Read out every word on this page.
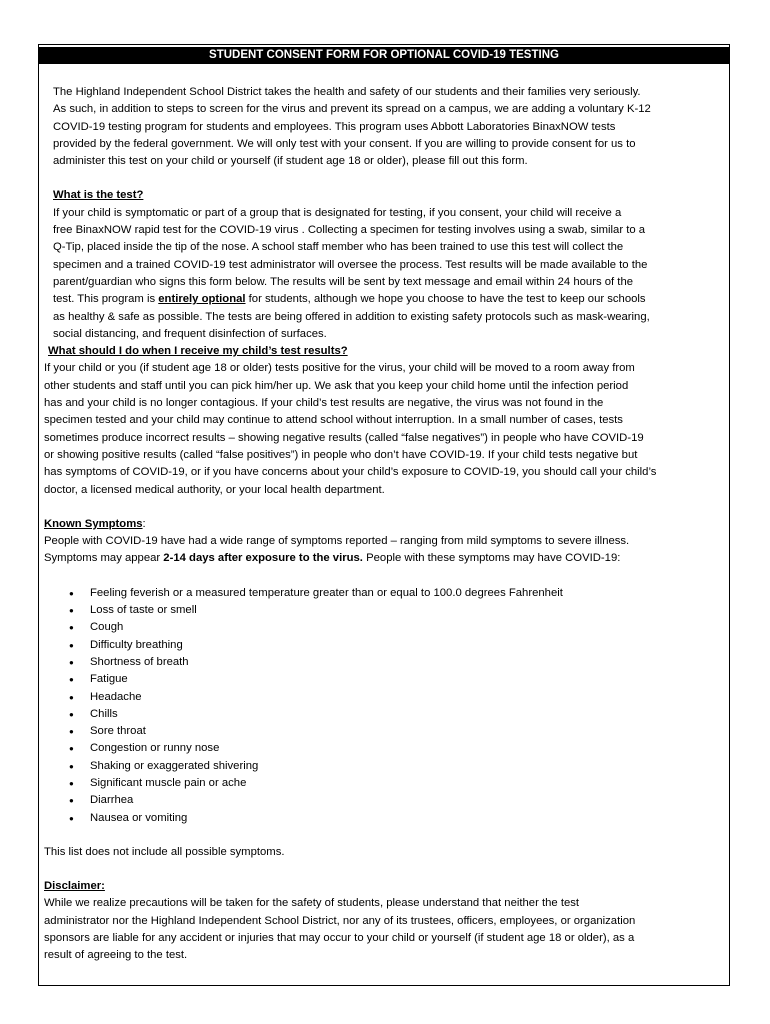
STUDENT CONSENT FORM FOR OPTIONAL COVID-19 TESTING

The Highland Independent School District takes the health and safety of our students and their families very seriously.

As such, in addition to steps to screen for the virus and prevent its spread on a campus, we are adding a voluntary K-12

COVID-19 testing program for students and employees. This program uses Abbott Laboratories BinaxNOW tests

provided by the federal government. We will only test with your consent. If you are willing to provide consent for us to

administer this test on your child or yourself (if student age 18 or older), please fill out this form.

What is the test?

If your child is symptomatic or part of a group that is designated for testing, if you consent, your child will receive a

free BinaxNOW rapid test for the COVID-19 virus . Collecting a specimen for testing involves using a swab, similar to a

Q-Tip, placed inside the tip of the nose. A school staff member who has been trained to use this test will collect the

specimen and a trained COVID-19 test administrator will oversee the process. Test results will be made available to the

parent/guardian who signs this form below. The results will be sent by text message and email within 24 hours of the

test. This program is entirely optional for students, although we hope you choose to have the test to keep our schools

as healthy & safe as possible. The tests are being offered in addition to existing safety protocols such as mask-wearing,

social distancing, and frequent disinfection of surfaces.

What should I do when I receive my child’s test results?

If your child or you (if student age 18 or older) tests positive for the virus, your child will be moved to a room away from

other students and staff until you can pick him/her up. We ask that you keep your child home until the infection period

has and your child is no longer contagious. If your child’s test results are negative, the virus was not found in the

specimen tested and your child may continue to attend school without interruption. In a small number of cases, tests

sometimes produce incorrect results – showing negative results (called “false negatives”) in people who have COVID-19

or showing positive results (called “false positives”) in people who don’t have COVID-19. If your child tests negative but

has symptoms of COVID-19, or if you have concerns about your child’s exposure to COVID-19, you should call your child’s

doctor, a licensed medical authority, or your local health department.

Known Symptoms:

People with COVID-19 have had a wide range of symptoms reported – ranging from mild symptoms to severe illness.

Symptoms may appear 2-14 days after exposure to the virus. People with these symptoms may have COVID-19:

● Feeling feverish or a measured temperature greater than or equal to 100.0 degrees Fahrenheit
● Loss of taste or smell
● Cough
● Difficulty breathing
● Shortness of breath
● Fatigue
● Headache
● Chills
● Sore throat
● Congestion or runny nose
● Shaking or exaggerated shivering
● Significant muscle pain or ache
● Diarrhea
● Nausea or vomiting

This list does not include all possible symptoms.

Disclaimer:

While we realize precautions will be taken for the safety of students, please understand that neither the test

administrator nor the Highland Independent School District, nor any of its trustees, officers, employees, or organization

sponsors are liable for any accident or injuries that may occur to your child or yourself (if student age 18 or older), as a

result of agreeing to the test.
